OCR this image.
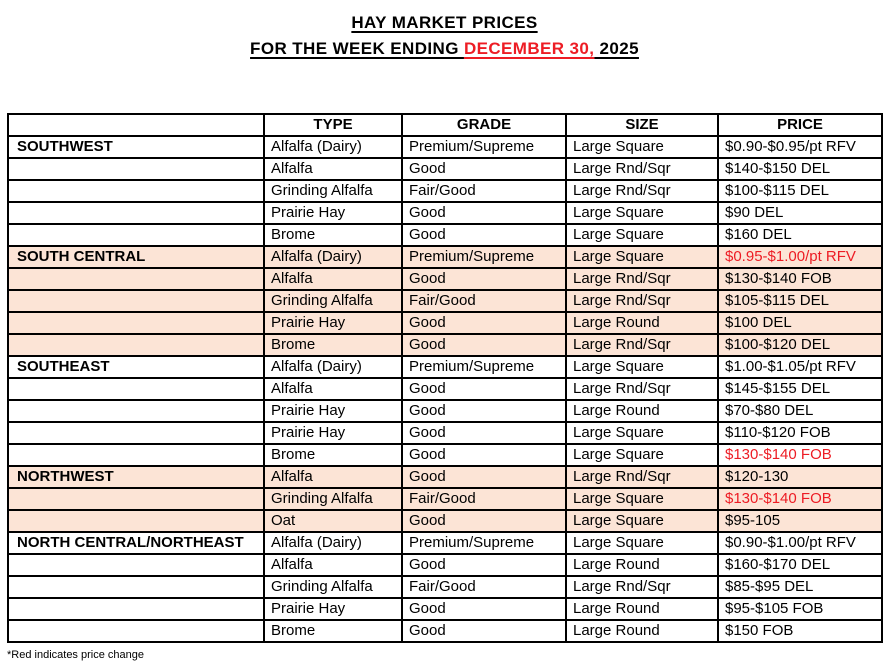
HAY MARKET PRICES
FOR THE WEEK ENDING DECEMBER 30, 2025
	TYPE	GRADE	SIZE	PRICE
SOUTHWEST	Alfalfa (Dairy)	Premium/Supreme	Large Square	$0.90-$0.95/pt RFV
	Alfalfa	Good	Large Rnd/Sqr	$140-$150 DEL
	Grinding Alfalfa	Fair/Good	Large Rnd/Sqr	$100-$115 DEL
	Prairie Hay	Good	Large Square	$90 DEL
	Brome	Good	Large Square	$160 DEL
SOUTH CENTRAL	Alfalfa (Dairy)	Premium/Supreme	Large Square	$0.95-$1.00/pt RFV
	Alfalfa	Good	Large Rnd/Sqr	$130-$140 FOB
	Grinding Alfalfa	Fair/Good	Large Rnd/Sqr	$105-$115 DEL
	Prairie Hay	Good	Large Round	$100 DEL
	Brome	Good	Large Rnd/Sqr	$100-$120 DEL
SOUTHEAST	Alfalfa (Dairy)	Premium/Supreme	Large Square	$1.00-$1.05/pt RFV
	Alfalfa	Good	Large Rnd/Sqr	$145-$155 DEL
	Prairie Hay	Good	Large Round	$70-$80 DEL
	Prairie Hay	Good	Large Square	$110-$120 FOB
	Brome	Good	Large Square	$130-$140 FOB
NORTHWEST	Alfalfa	Good	Large Rnd/Sqr	$120-130
	Grinding Alfalfa	Fair/Good	Large Square	$130-$140 FOB
	Oat	Good	Large Square	$95-105
NORTH CENTRAL/NORTHEAST	Alfalfa (Dairy)	Premium/Supreme	Large Square	$0.90-$1.00/pt RFV
	Alfalfa	Good	Large Round	$160-$170 DEL
	Grinding Alfalfa	Fair/Good	Large Rnd/Sqr	$85-$95 DEL
	Prairie Hay	Good	Large Round	$95-$105 FOB
	Brome	Good	Large Round	$150 FOB
*Red indicates price change
